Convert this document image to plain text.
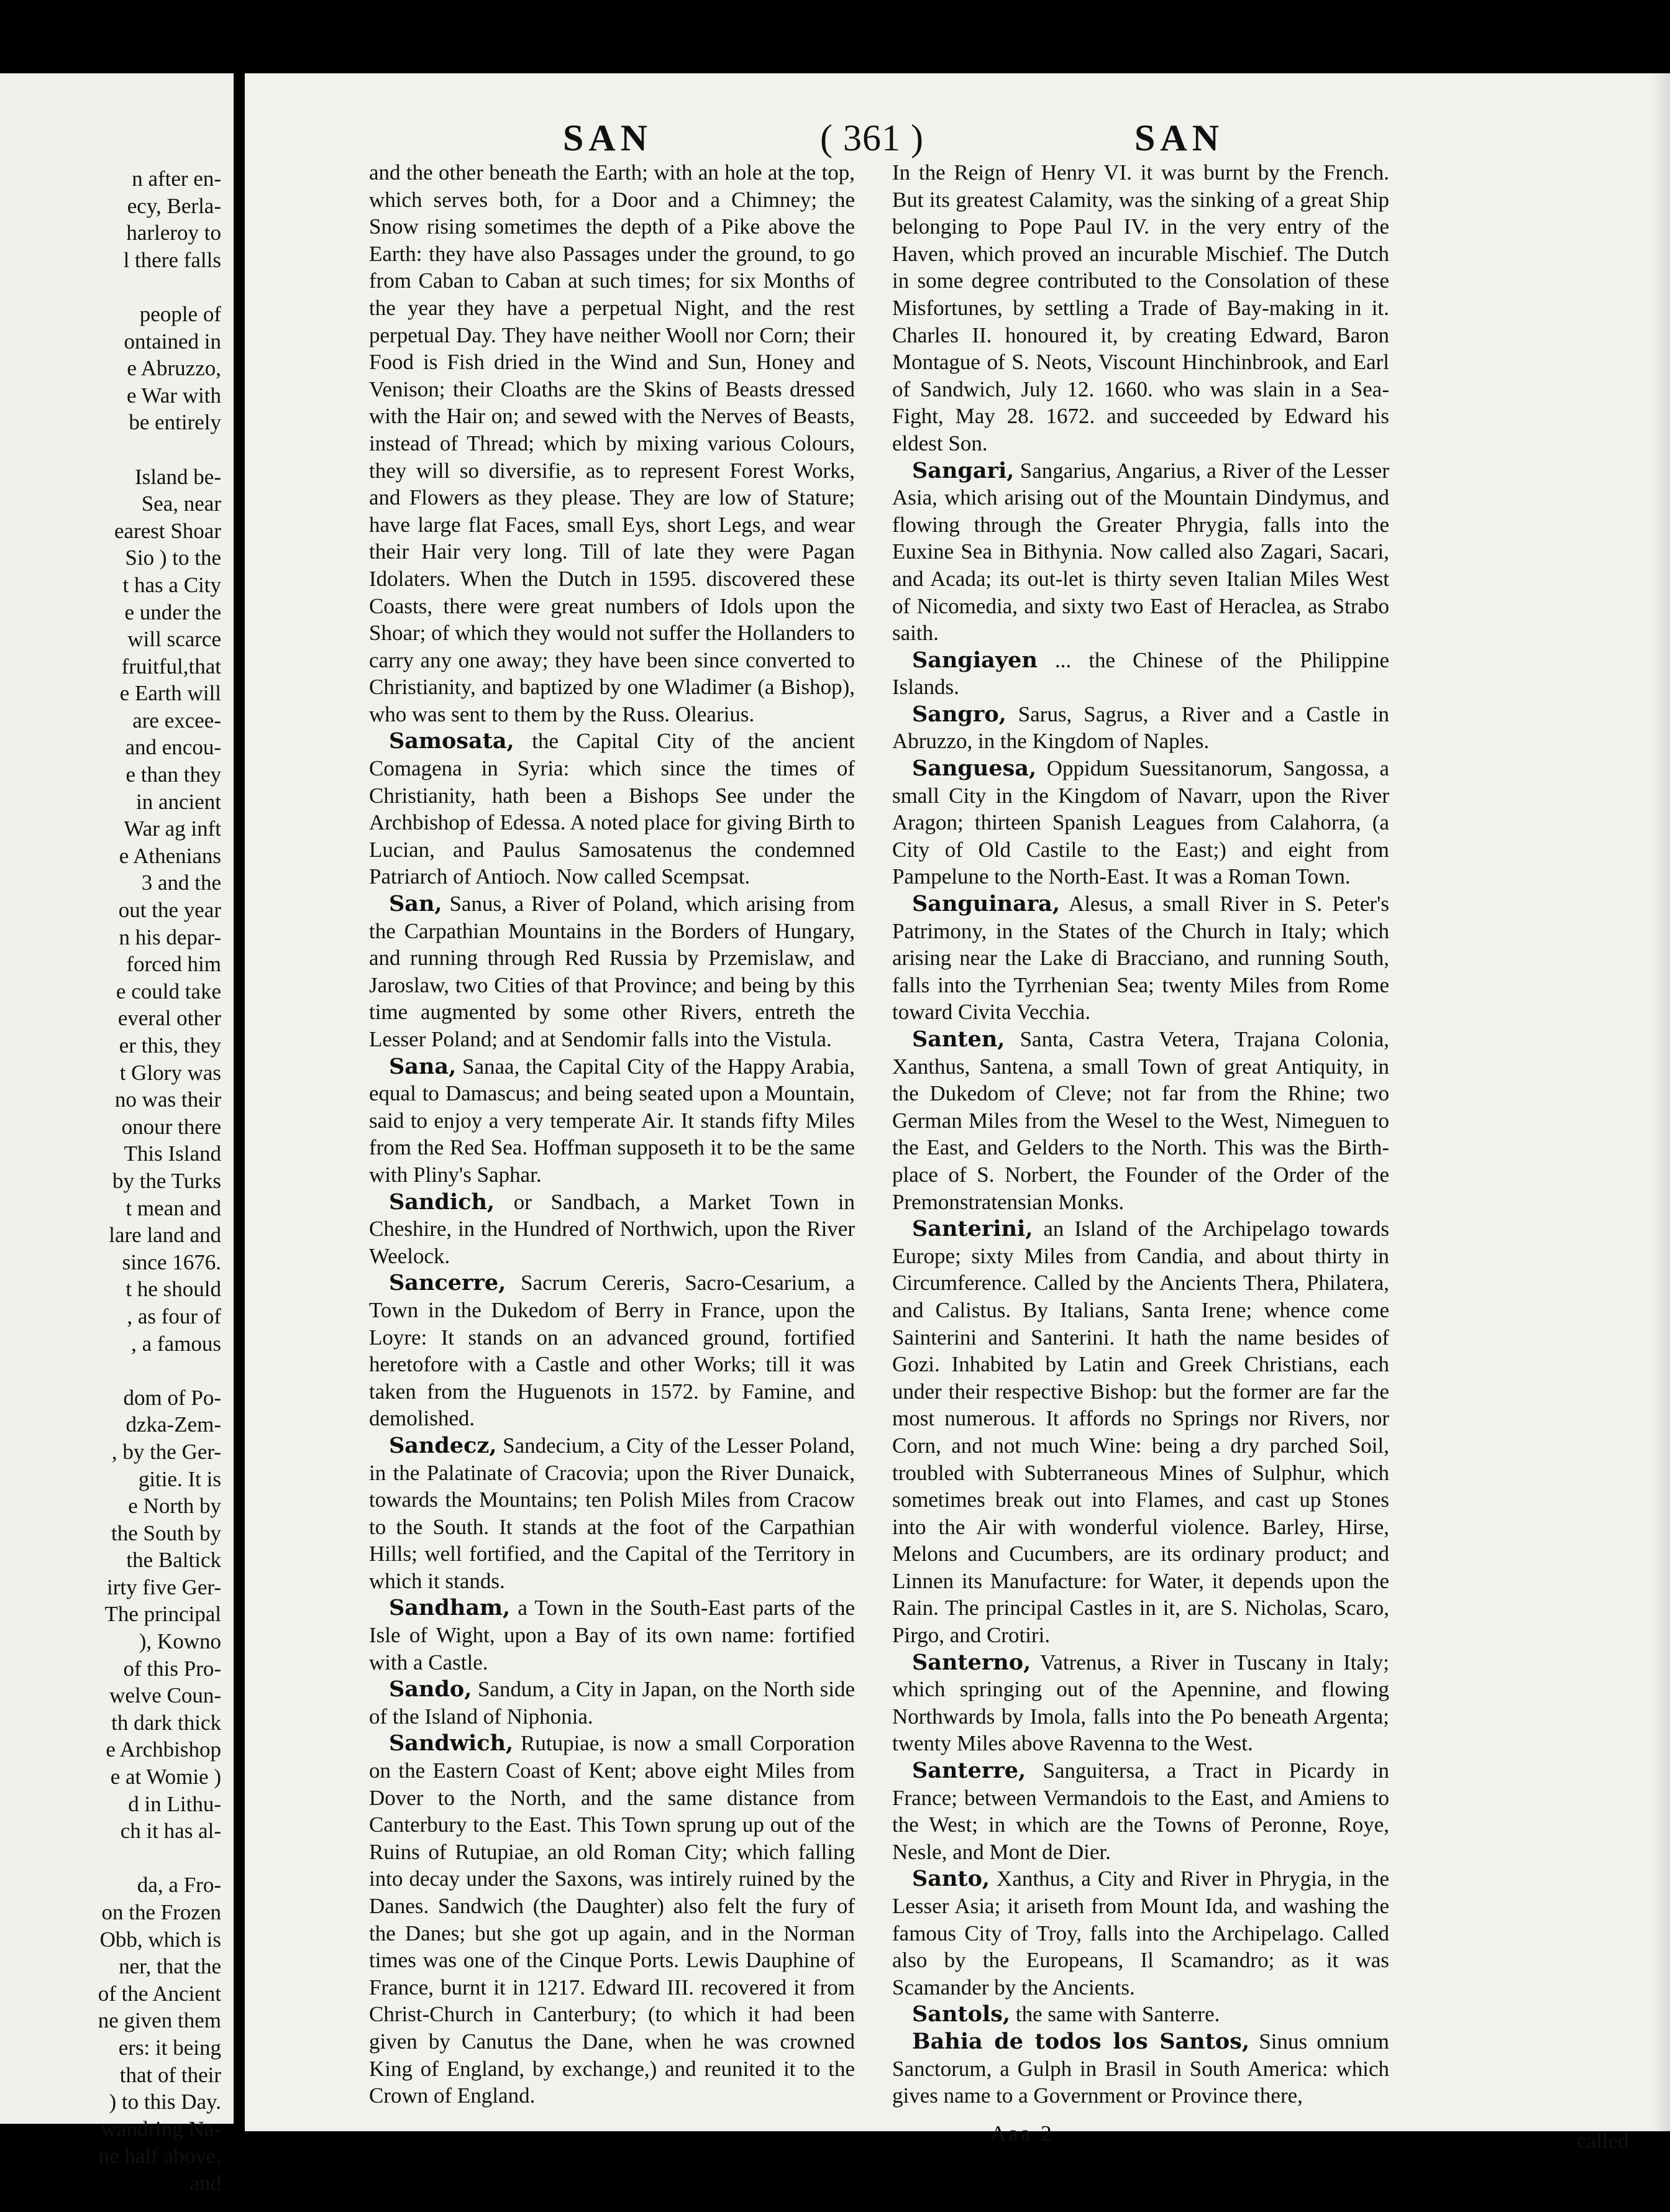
n after en-
ecy, Berla-
harleroy to
l there falls

people of
ontained in
e Abruzzo,
e War with
be entirely

Island be-
Sea, near
earest Shoar
Sio ) to the
t has a City
e under the
will scarce
fruitful,that
e Earth will
are excee-
and encou-
e than they
in ancient
War ag inft
e Athenians
3 and the
out the year
n his depar-
forced him
e could take
everal other
er this, they
t Glory was
no was their
onour there
This Island
by the Turks
t mean and
lare land and
since 1676.
t he should
, as four of
, a famous

dom of Po-
dzka-Zem-
, by the Ger-
gitie. It is
e North by
the South by
the Baltick
irty five Ger-
The principal
), Kowno
of this Pro-
welve Coun-
th dark thick
e Archbishop
e at Womie )
d in Lithu-
ch it has al-

da, a Fro-
on the Frozen
Obb, which is
ner, that the
of the Ancient
ne given them
ers: it being
that of their
) to this Day.
wandring Na-
ne half above,
and
SAN	( 361 )	SAN

and the other beneath the Earth; with an hole at the top, which serves both, for a Door and a Chimney; the Snow rising sometimes the depth of a Pike above the Earth: they have also Passages under the ground, to go from Caban to Caban at such times; for six Months of the year they have a perpetual Night, and the rest perpetual Day. They have neither Wooll nor Corn; their Food is Fish dried in the Wind and Sun, Honey and Venison; their Cloaths are the Skins of Beasts dressed with the Hair on; and sewed with the Nerves of Beasts, instead of Thread; which by mixing various Colours, they will so diversifie, as to represent Forest Works, and Flowers as they please. They are low of Stature; have large flat Faces, small Eys, short Legs, and wear their Hair very long. Till of late they were Pagan Idolaters. When the Dutch in 1595. discovered these Coasts, there were great numbers of Idols upon the Shoar; of which they would not suffer the Hollanders to carry any one away; they have been since converted to Christianity, and baptized by one Wladimer (a Bishop), who was sent to them by the Russ. Olearius.

Samosata, the Capital City of the ancient Comagena in Syria: which since the times of Christianity, hath been a Bishops See under the Archbishop of Edessa. A noted place for giving Birth to Lucian, and Paulus Samosatenus the condemned Patriarch of Antioch. Now called Scempsat.

San, Sanus, a River of Poland, which arising from the Carpathian Mountains in the Borders of Hungary, and running through Red Russia by Przemislaw, and Jaroslaw, two Cities of that Province; and being by this time augmented by some other Rivers, entreth the Lesser Poland; and at Sendomir falls into the Vistula.

Sana, Sanaa, the Capital City of the Happy Arabia, equal to Damascus; and being seated upon a Mountain, said to enjoy a very temperate Air. It stands fifty Miles from the Red Sea. Hoffman supposeth it to be the same with Pliny's Saphar.

Sandich, or Sandbach, a Market Town in Cheshire, in the Hundred of Northwich, upon the River Weelock.

Sancerre, Sacrum Cereris, Sacro-Cesarium, a Town in the Dukedom of Berry in France, upon the Loyre: It stands on an advanced ground, fortified heretofore with a Castle and other Works; till it was taken from the Huguenots in 1572. by Famine, and demolished.

Sandecz, Sandecium, a City of the Lesser Poland, in the Palatinate of Cracovia; upon the River Dunaick, towards the Mountains; ten Polish Miles from Cracow to the South. It stands at the foot of the Carpathian Hills; well fortified, and the Capital of the Territory in which it stands.

Sandham, a Town in the South-East parts of the Isle of Wight, upon a Bay of its own name: fortified with a Castle.

Sando, Sandum, a City in Japan, on the North side of the Island of Niphonia.

Sandwich, Rutupiae, is now a small Corporation on the Eastern Coast of Kent; above eight Miles from Dover to the North, and the same distance from Canterbury to the East. This Town sprung up out of the Ruins of Rutupiae, an old Roman City; which falling into decay under the Saxons, was intirely ruined by the Danes. Sandwich (the Daughter) also felt the fury of the Danes; but she got up again, and in the Norman times was one of the Cinque Ports. Lewis Dauphine of France, burnt it in 1217. Edward III. recovered it from Christ-Church in Canterbury; (to which it had been given by Canutus the Dane, when he was crowned King of England, by exchange,) and reunited it to the Crown of England.

In the Reign of Henry VI. it was burnt by the French. But its greatest Calamity, was the sinking of a great Ship belonging to Pope Paul IV. in the very entry of the Haven, which proved an incurable Mischief. The Dutch in some degree contributed to the Consolation of these Misfortunes, by settling a Trade of Bay-making in it. Charles II. honoured it, by creating Edward, Baron Montague of S. Neots, Viscount Hinchinbrook, and Earl of Sandwich, July 12. 1660. who was slain in a Sea-Fight, May 28. 1672. and succeeded by Edward his eldest Son.

Sangari, Sangarius, Angarius, a River of the Lesser Asia, which arising out of the Mountain Dindymus, and flowing through the Greater Phrygia, falls into the Euxine Sea in Bithynia. Now called also Zagari, Sacari, and Acada; its out-let is thirty seven Italian Miles West of Nicomedia, and sixty two East of Heraclea, as Strabo saith.

Sangiayen ... the Chinese of the Philippine Islands.

Sangro, Sarus, Sagrus, a River and a Castle in Abruzzo, in the Kingdom of Naples.

Sanguesa, Oppidum Suessitanorum, Sangossa, a small City in the Kingdom of Navarr, upon the River Aragon; thirteen Spanish Leagues from Calahorra, (a City of Old Castile to the East;) and eight from Pampelune to the North-East. It was a Roman Town.

Sanguinara, Alesus, a small River in S. Peter's Patrimony, in the States of the Church in Italy; which arising near the Lake di Bracciano, and running South, falls into the Tyrrhenian Sea; twenty Miles from Rome toward Civita Vecchia.

Santen, Santa, Castra Vetera, Trajana Colonia, Xanthus, Santena, a small Town of great Antiquity, in the Dukedom of Cleve; not far from the Rhine; two German Miles from the Wesel to the West, Nimeguen to the East, and Gelders to the North. This was the Birth-place of S. Norbert, the Founder of the Order of the Premonstratensian Monks.

Santerini, an Island of the Archipelago towards Europe; sixty Miles from Candia, and about thirty in Circumference. Called by the Ancients Thera, Philatera, and Calistus. By Italians, Santa Irene; whence come Sainterini and Santerini. It hath the name besides of Gozi. Inhabited by Latin and Greek Christians, each under their respective Bishop: but the former are far the most numerous. It affords no Springs nor Rivers, nor Corn, and not much Wine: being a dry parched Soil, troubled with Subterraneous Mines of Sulphur, which sometimes break out into Flames, and cast up Stones into the Air with wonderful violence. Barley, Hirse, Melons and Cucumbers, are its ordinary product; and Linnen its Manufacture: for Water, it depends upon the Rain. The principal Castles in it, are S. Nicholas, Scaro, Pirgo, and Crotiri.

Santerno, Vatrenus, a River in Tuscany in Italy; which springing out of the Apennine, and flowing Northwards by Imola, falls into the Po beneath Argenta; twenty Miles above Ravenna to the West.

Santerre, Sanguitersa, a Tract in Picardy in France; between Vermandois to the East, and Amiens to the West; in which are the Towns of Peronne, Roye, Nesle, and Mont de Dier.

Santo, Xanthus, a City and River in Phrygia, in the Lesser Asia; it ariseth from Mount Ida, and washing the famous City of Troy, falls into the Archipelago. Called also by the Europeans, Il Scamandro; as it was Scamander by the Ancients.

Santols, the same with Santerre.

Bahia de todos los Santos, Sinus omnium Sanctorum, a Gulph in Brasil in South America: which gives name to a Government or Province there,

Aaa 2	called
